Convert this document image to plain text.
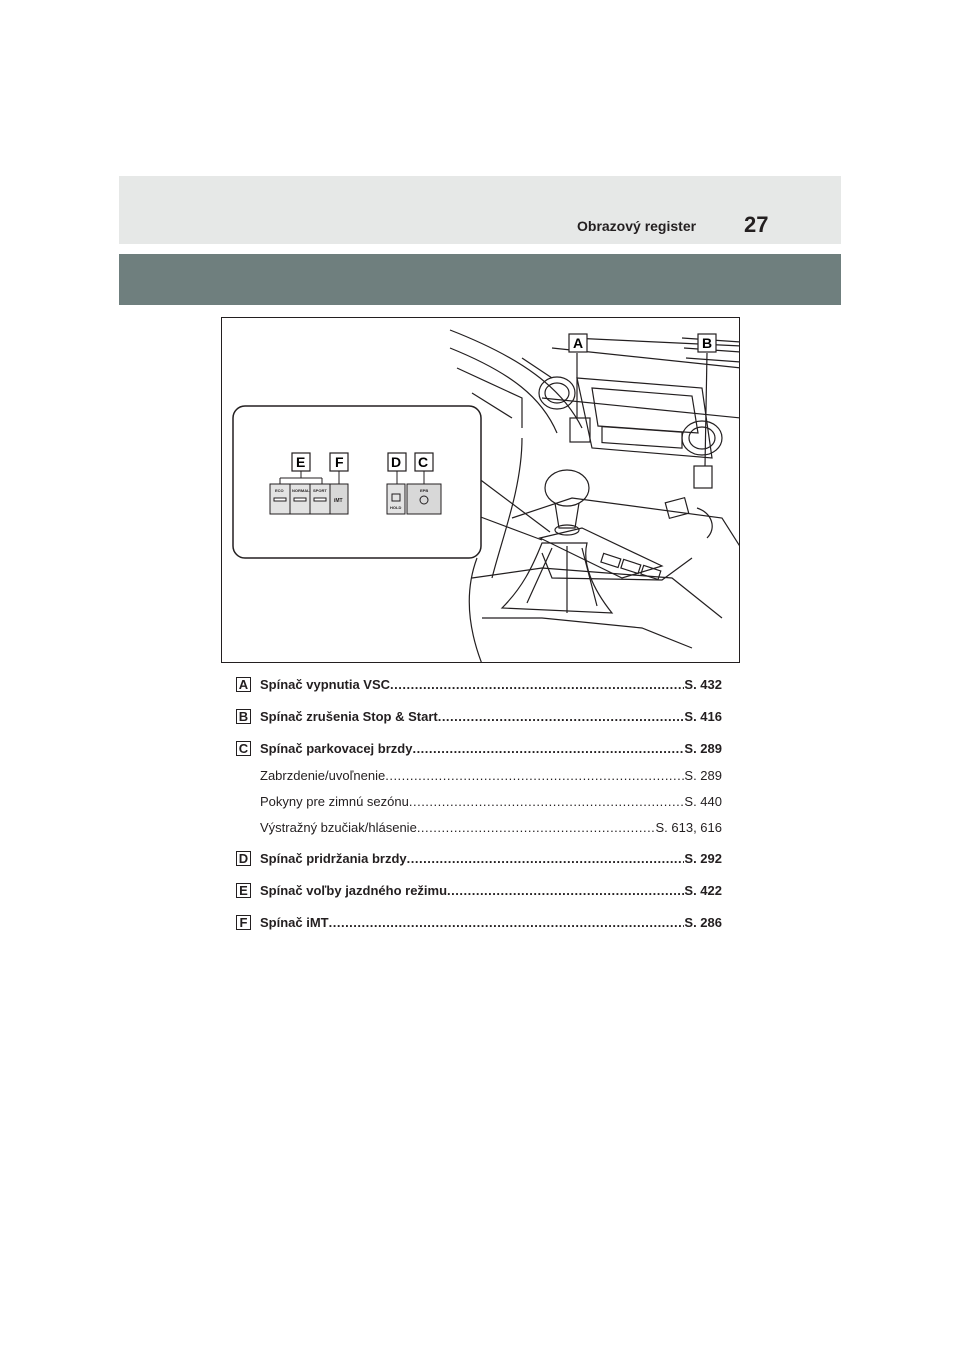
Obrazový register 27
A	B
E F	D C
ECO NORMAL SPORT
iMT
HOLD
EPB
A Spínač vypnutia VSC .....	S. 432
B Spínač zrušenia Stop & Start .....	S. 416
C Spínač parkovacej brzdy .....	S. 289
Zabrzdenie/uvoľnenie .....	S. 289
Pokyny pre zimnú sezónu .....	S. 440
Výstražný bzučiak/hlásenie .....	S. 613, 616
D Spínač pridržania brzdy .....	S. 292
E Spínač voľby jazdného režimu .....	S. 422
F Spínač iMT .....	S. 286
